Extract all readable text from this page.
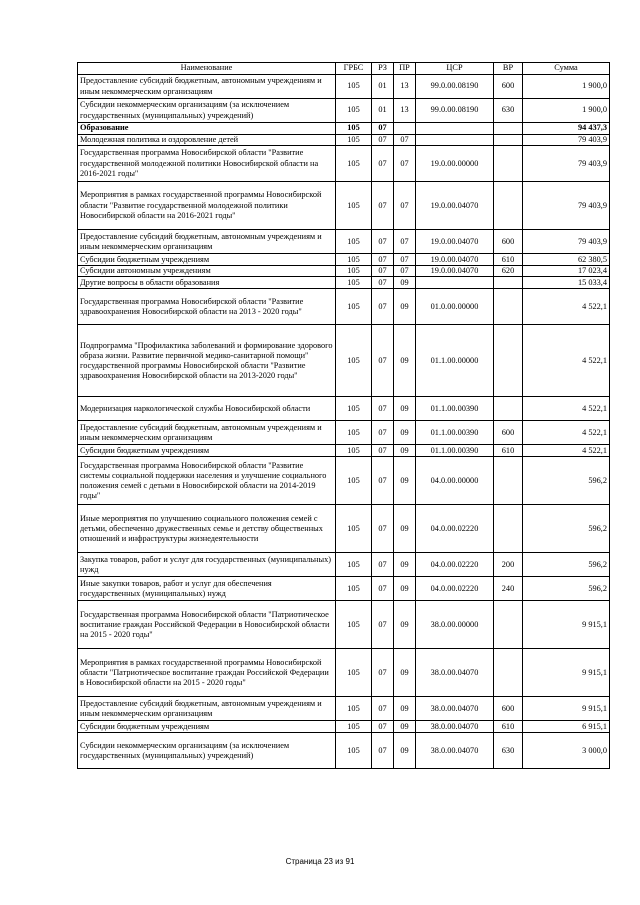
Наименование	ГРБС	РЗ	ПР	ЦСР	ВР	Сумма
Предоставление субсидий бюджетным, автономным учреждениям и иным некоммерческим организациям	105	01	13	99.0.00.08190	600	1 900,0
Субсидии некоммерческим организациям (за исключением государственных (муниципальных) учреждений)	105	01	13	99.0.00.08190	630	1 900,0
Образование	105	07				94 437,3
Молодежная политика и оздоровление детей	105	07	07			79 403,9
Государственная программа Новосибирской области "Развитие государственной молодежной политики Новосибирской области на 2016-2021 годы"	105	07	07	19.0.00.00000		79 403,9
Мероприятия в рамках государственной программы Новосибирской области "Развитие государственной молодежной политики Новосибирской области на 2016-2021 годы"	105	07	07	19.0.00.04070		79 403,9
Предоставление субсидий бюджетным, автономным учреждениям и иным некоммерческим организациям	105	07	07	19.0.00.04070	600	79 403,9
Субсидии бюджетным учреждениям	105	07	07	19.0.00.04070	610	62 380,5
Субсидии автономным учреждениям	105	07	07	19.0.00.04070	620	17 023,4
Другие вопросы в области образования	105	07	09			15 033,4
Государственная программа Новосибирской области "Развитие здравоохранения Новосибирской области на 2013 - 2020 годы"	105	07	09	01.0.00.00000		4 522,1
Подпрограмма "Профилактика заболеваний и формирование здорового образа жизни. Развитие первичной медико-санитарной помощи" государственной программы Новосибирской области "Развитие здравоохранения Новосибирской области на 2013-2020 годы"	105	07	09	01.1.00.00000		4 522,1
Модернизация наркологической службы Новосибирской области	105	07	09	01.1.00.00390		4 522,1
Предоставление субсидий бюджетным, автономным учреждениям и иным некоммерческим организациям	105	07	09	01.1.00.00390	600	4 522,1
Субсидии бюджетным учреждениям	105	07	09	01.1.00.00390	610	4 522,1
Государственная программа Новосибирской области "Развитие системы социальной поддержки населения и улучшение социального положения семей с детьми в Новосибирской области на 2014-2019 годы"	105	07	09	04.0.00.00000		596,2
Иные мероприятия по улучшению социального положения семей с детьми, обеспеченно дружественных семье и детству общественных отношений и инфраструктуры жизнедеятельности	105	07	09	04.0.00.02220		596,2
Закупка товаров, работ и услуг для государственных (муниципальных) нужд	105	07	09	04.0.00.02220	200	596,2
Иные закупки товаров, работ и услуг для обеспечения государственных (муниципальных) нужд	105	07	09	04.0.00.02220	240	596,2
Государственная программа Новосибирской области "Патриотическое воспитание граждан Российской Федерации в Новосибирской области на 2015 - 2020 годы"	105	07	09	38.0.00.00000		9 915,1
Мероприятия в рамках государственной программы Новосибирской области "Патриотическое воспитание граждан Российской Федерации в Новосибирской области на 2015 - 2020 годы"	105	07	09	38.0.00.04070		9 915,1
Предоставление субсидий бюджетным, автономным учреждениям и иным некоммерческим организациям	105	07	09	38.0.00.04070	600	9 915,1
Субсидии бюджетным учреждениям	105	07	09	38.0.00.04070	610	6 915,1
Субсидии некоммерческим организациям (за исключением государственных (муниципальных) учреждений)	105	07	09	38.0.00.04070	630	3 000,0
Страница 23 из 91
